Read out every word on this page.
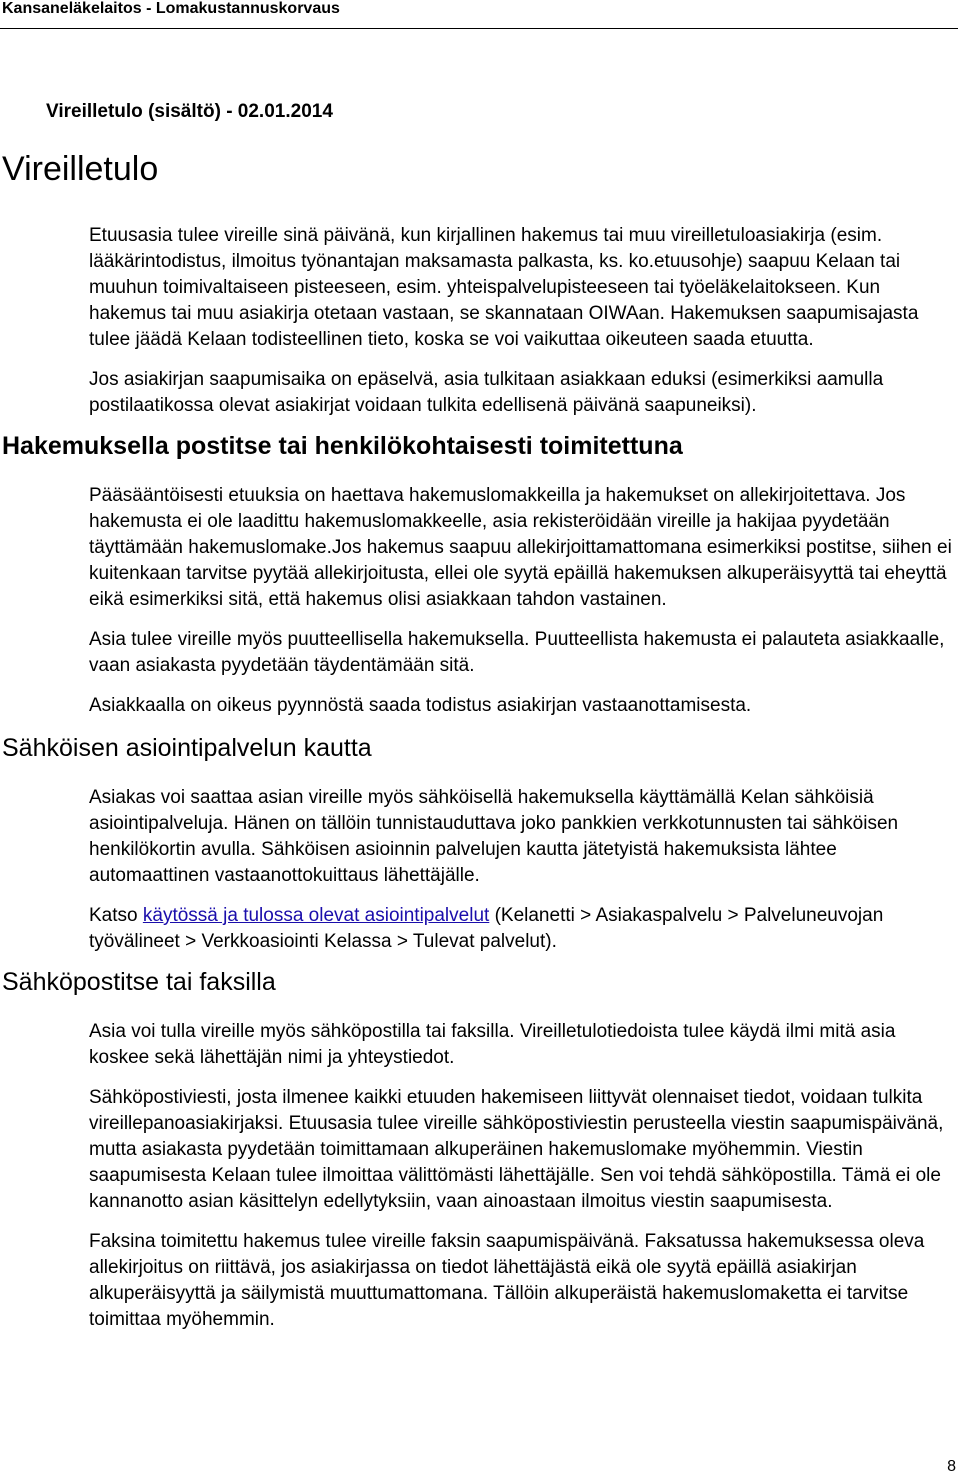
Kansaneläkelaitos - Lomakustannuskorvaus
Vireilletulo (sisältö) - 02.01.2014
Vireilletulo

Etuusasia tulee vireille sinä päivänä, kun kirjallinen hakemus tai muu vireilletuloasiakirja (esim. lääkärintodistus, ilmoitus työnantajan maksamasta palkasta, ks. ko.etuusohje) saapuu Kelaan tai muuhun toimivaltaiseen pisteeseen, esim. yhteispalvelupisteeseen tai työeläkelaitokseen. Kun hakemus tai muu asiakirja otetaan vastaan, se skannataan OIWAan. Hakemuksen saapumisajasta tulee jäädä Kelaan todisteellinen tieto, koska se voi vaikuttaa oikeuteen saada etuutta.

Jos asiakirjan saapumisaika on epäselvä, asia tulkitaan asiakkaan eduksi (esimerkiksi aamulla postilaatikossa olevat asiakirjat voidaan tulkita edellisenä päivänä saapuneiksi).

Hakemuksella postitse tai henkilökohtaisesti toimitettuna

Pääsääntöisesti etuuksia on haettava hakemuslomakkeilla ja hakemukset on allekirjoitettava. Jos hakemusta ei ole laadittu hakemuslomakkeelle, asia rekisteröidään vireille ja hakijaa pyydetään täyttämään hakemuslomake.Jos hakemus saapuu allekirjoittamattomana esimerkiksi postitse, siihen ei kuitenkaan tarvitse pyytää allekirjoitusta, ellei ole syytä epäillä hakemuksen alkuperäisyyttä tai eheyttä eikä esimerkiksi sitä, että hakemus olisi asiakkaan tahdon vastainen.

Asia tulee vireille myös puutteellisella hakemuksella. Puutteellista hakemusta ei palauteta asiakkaalle, vaan asiakasta pyydetään täydentämään sitä.

Asiakkaalla on oikeus pyynnöstä saada todistus asiakirjan vastaanottamisesta.

Sähköisen asiointipalvelun kautta

Asiakas voi saattaa asian vireille myös sähköisellä hakemuksella käyttämällä Kelan sähköisiä asiointipalveluja. Hänen on tällöin tunnistauduttava joko pankkien verkkotunnusten tai sähköisen henkilökortin avulla. Sähköisen asioinnin palvelujen kautta jätetyistä hakemuksista lähtee automaattinen vastaanottokuittaus lähettäjälle.

Katso käytössä ja tulossa olevat asiointipalvelut (Kelanetti > Asiakaspalvelu > Palveluneuvojan työvälineet > Verkkoasiointi Kelassa > Tulevat palvelut).

Sähköpostitse tai faksilla

Asia voi tulla vireille myös sähköpostilla tai faksilla. Vireilletulotiedoista tulee käydä ilmi mitä asia koskee sekä lähettäjän nimi ja yhteystiedot.

Sähköpostiviesti, josta ilmenee kaikki etuuden hakemiseen liittyvät olennaiset tiedot, voidaan tulkita vireillepanoasiakirjaksi. Etuusasia tulee vireille sähköpostiviestin perusteella viestin saapumispäivänä, mutta asiakasta pyydetään toimittamaan alkuperäinen hakemuslomake myöhemmin. Viestin saapumisesta Kelaan tulee ilmoittaa välittömästi lähettäjälle. Sen voi tehdä sähköpostilla. Tämä ei ole kannanotto asian käsittelyn edellytyksiin, vaan ainoastaan ilmoitus viestin saapumisesta.

Faksina toimitettu hakemus tulee vireille faksin saapumispäivänä. Faksatussa hakemuksessa oleva allekirjoitus on riittävä, jos asiakirjassa on tiedot lähettäjästä eikä ole syytä epäillä asiakirjan alkuperäisyyttä ja säilymistä muuttumattomana. Tällöin alkuperäistä hakemuslomaketta ei tarvitse toimittaa myöhemmin.

8
